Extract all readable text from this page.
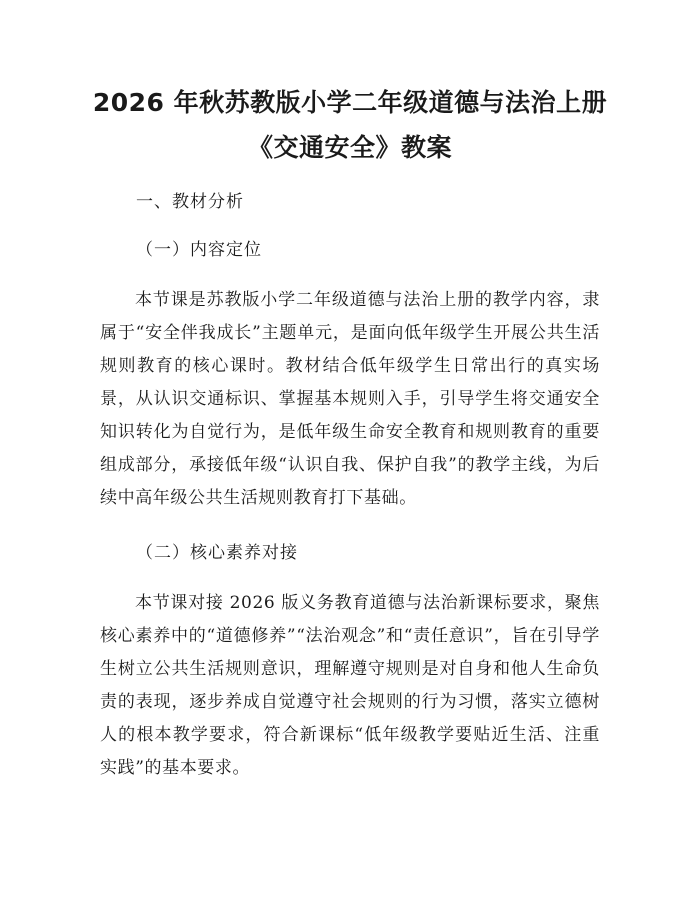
2026 年秋苏教版小学二年级道德与法治上册
《交通安全》教案
一、教材分析
（一）内容定位

本节课是苏教版小学二年级道德与法治上册的教学内容，隶属于“安全伴我成长”主题单元，是面向低年级学生开展公共生活规则教育的核心课时。教材结合低年级学生日常出行的真实场景，从认识交通标识、掌握基本规则入手，引导学生将交通安全知识转化为自觉行为，是低年级生命安全教育和规则教育的重要组成部分，承接低年级“认识自我、保护自我”的教学主线，为后续中高年级公共生活规则教育打下基础。

（二）核心素养对接

本节课对接 2026 版义务教育道德与法治新课标要求，聚焦核心素养中的“道德修养”“法治观念”和“责任意识”，旨在引导学生树立公共生活规则意识，理解遵守规则是对自身和他人生命负责的表现，逐步养成自觉遵守社会规则的行为习惯，落实立德树人的根本教学要求，符合新课标“低年级教学要贴近生活、注重实践”的基本要求。
